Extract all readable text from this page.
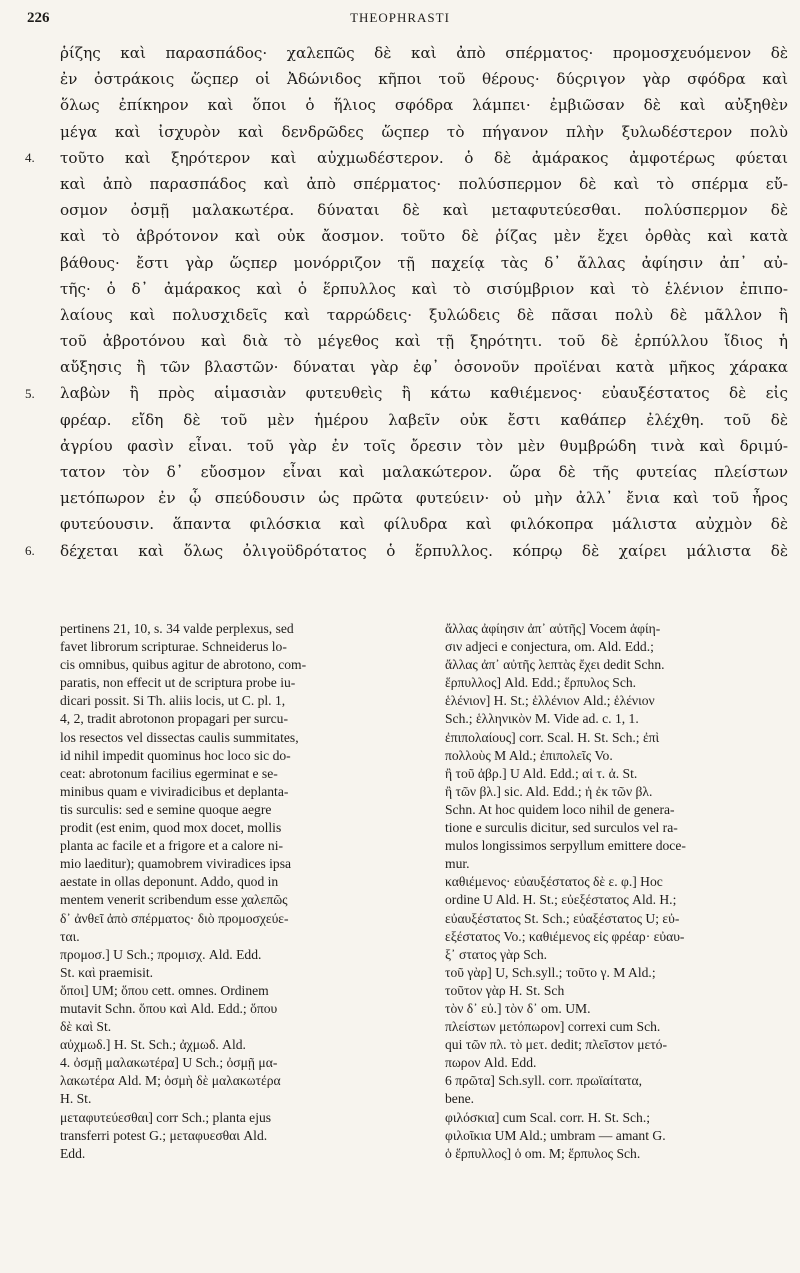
226	THEOPHRASTI
4.
5.
6.
ῥίζης καὶ παρασπάδος· χαλεπῶς δὲ καὶ ἀπὸ σπέρματος· προμοσχευόμενον δὲ
ἐν ὀστράκοις ὥςπερ οἱ Ἀδώνιδος κῆποι τοῦ θέρους· δύςριγον γὰρ σφόδρα καὶ
ὅλως ἐπίκηρον καὶ ὅποι ὁ ἥλιος σφόδρα λάμπει· ἐμβιῶσαν δὲ καὶ αὐξηθὲν
μέγα καὶ ἰσχυρὸν καὶ δενδρῶδες ὥςπερ τὸ πήγανον πλὴν ξυλωδέστερον πολὺ
τοῦτο καὶ ξηρότερον καὶ αὐχμωδέστερον. ὁ δὲ ἀμάρακος ἀμφοτέρως φύεται
καὶ ἀπὸ παρασπάδος καὶ ἀπὸ σπέρματος· πολύσπερμον δὲ καὶ τὸ σπέρμα εὔ-
οσμον ὀσμῇ μαλακωτέρα. δύναται δὲ καὶ μεταφυτεύεσθαι. πολύσπερμον δὲ
καὶ τὸ ἀβρότονον καὶ οὐκ ἄοσμον. τοῦτο δὲ ῥίζας μὲν ἔχει ὀρθὰς καὶ κατὰ
βάθους· ἔστι γὰρ ὥςπερ μονόρριζον τῇ παχείᾳ τὰς δ᾽ ἄλλας ἀφίησιν ἀπ᾽ αὐ-
τῆς· ὁ δ᾽ ἀμάρακος καὶ ὁ ἕρπυλλος καὶ τὸ σισύμβριον καὶ τὸ ἑλένιον ἐπιπο-
λαίους καὶ πολυσχιδεῖς καὶ ταρρώδεις· ξυλώδεις δὲ πᾶσαι πολὺ δὲ μᾶλλον ἢ
τοῦ ἀβροτόνου καὶ διὰ τὸ μέγεθος καὶ τῇ ξηρότητι. τοῦ δὲ ἑρπύλλου ἴδιος ἡ
αὔξησις ἢ τῶν βλαστῶν· δύναται γὰρ ἐφ᾽ ὁσονοῦν προϊέναι κατὰ μῆκος χάρακα
λαβὼν ἢ πρὸς αἱμασιὰν φυτευθεὶς ἢ κάτω καθιέμενος· εὐαυξέστατος δὲ εἰς
φρέαρ. εἴδη δὲ τοῦ μὲν ἡμέρου λαβεῖν οὐκ ἔστι καθάπερ ἐλέχθη. τοῦ δὲ
ἀγρίου φασὶν εἶναι. τοῦ γὰρ ἐν τοῖς ὄρεσιν τὸν μὲν θυμβρώδη τινὰ καὶ δριμύ-
τατον τὸν δ᾽ εὔοσμον εἶναι καὶ μαλακώτερον. ὥρα δὲ τῆς φυτείας πλείστων
μετόπωρον ἐν ᾧ σπεύδουσιν ὡς πρῶτα φυτεύειν· οὐ μὴν ἀλλ᾽ ἔνια καὶ τοῦ ἦρος
φυτεύουσιν. ἅπαντα φιλόσκια καὶ φίλυδρα καὶ φιλόκοπρα μάλιστα αὐχμὸν δὲ
δέχεται καὶ ὅλως ὀλιγοϋδρότατος ὁ ἕρπυλλος. κόπρῳ δὲ χαίρει μάλιστα δὲ
pertinens 21, 10, s. 34 valde perplexus, sed
favet librorum scripturae. Schneiderus lo-
cis omnibus, quibus agitur de abrotono, com-
paratis, non effecit ut de scriptura probe iu-
dicari possit. Si Th. aliis locis, ut C. pl. 1,
4, 2, tradit abrotonon propagari per surcu-
los resectos vel dissectas caulis summitates,
id nihil impedit quominus hoc loco sic do-
ceat: abrotonum facilius egerminat e se-
minibus quam e viviradicibus et deplanta-
tis surculis: sed e semine quoque aegre
prodit (est enim, quod mox docet, mollis
planta ac facile et a frigore et a calore ni-
mio laeditur); quamobrem viviradices ipsa
aestate in ollas deponunt. Addo, quod in
mentem venerit scribendum esse χαλεπῶς
δ᾽ ἀνθεῖ ἀπὸ σπέρματος· διὸ προμοσχεύε-
ται.
προμοσ.] U Sch.; προμισχ. Ald. Edd.
St. καὶ praemisit.
ὅποι] UM; ὅπου cett. omnes. Ordinem
mutavit Schn. ὅπου καὶ Ald. Edd.; ὅπου
δὲ καὶ St.
αὐχμωδ.] H. St. Sch.; ἀχμωδ. Ald.
4. ὀσμῇ μαλακωτέρα] U Sch.; ὀσμῇ μα-
λακωτέρα Ald. M; ὀσμὴ δὲ μαλακωτέρα
H. St.
μεταφυτεύεσθαι] corr Sch.; planta ejus
transferri potest G.; μεταφυεσθαι Ald.
Edd.
ἄλλας ἀφίησιν ἀπ᾽ αὐτῆς] Vocem ἀφίη-
σιν adjeci e conjectura, om. Ald. Edd.;
ἄλλας ἀπ᾽ αὐτῆς λεπτὰς ἔχει dedit Schn.
ἕρπυλλος] Ald. Edd.; ἕρπυλος Sch.
ἑλένιον] H. St.; ἑλλένιον Ald.; ἑλένιον
Sch.; ἑλληνικὸν M. Vide ad. c. 1, 1.
ἐπιπολαίους] corr. Scal. H. St. Sch.; ἐπὶ
πολλοὺς M Ald.; ἐπιπολεῖς Vo.
ἢ τοῦ ἀβρ.] U Ald. Edd.; αἱ τ. ἀ. St.
ἢ τῶν βλ.] sic. Ald. Edd.; ἡ ἐκ τῶν βλ.
Schn. At hoc quidem loco nihil de genera-
tione e surculis dicitur, sed surculos vel ra-
mulos longissimos serpyllum emittere doce-
mur.
καθιέμενος· εὐαυξέστατος δὲ ε. φ.] Hoc
ordine U Ald. H. St.; εὐεξέστατος Ald. H.;
εὐαυξέστατος St. Sch.; εὐαξέστατος U; εὐ-
εξέστατος Vo.; καθιέμενος εἰς φρέαρ· εὐαυ-
ξ᾽ στατος γὰρ Sch.
τοῦ γὰρ] U, Sch.syll.; τοῦτο γ. M Ald.;
τοῦτον γὰρ H. St. Sch
τὸν δ᾽ εὐ.] τὸν δ᾽ om. UM.
πλείστων μετόπωρον] correxi cum Sch.
qui τῶν πλ. τὸ μετ. dedit; πλεῖστον μετό-
πωρον Ald. Edd.
6 πρῶτα] Sch.syll. corr. πρωϊαίτατα,
bene.
φιλόσκια] cum Scal. corr. H. St. Sch.;
φιλοῖκια UM Ald.; umbram — amant G.
ὁ ἕρπυλλος] ὁ om. M; ἕρπυλος Sch.
